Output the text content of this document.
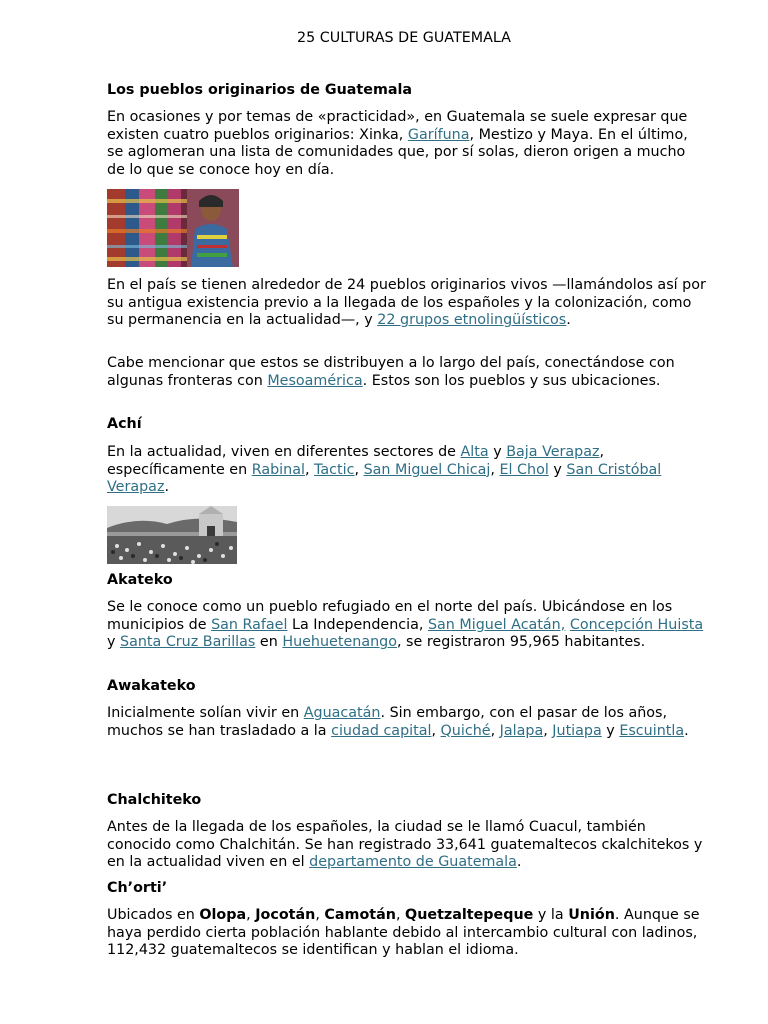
25 CULTURAS DE GUATEMALA
Los pueblos originarios de Guatemala

En ocasiones y por temas de «practicidad», en Guatemala se suele expresar que existen cuatro pueblos originarios: Xinka, Garífuna, Mestizo y Maya. En el último, se aglomeran una lista de comunidades que, por sí solas, dieron origen a mucho de lo que se conoce hoy en día.

En el país se tienen alrededor de 24 pueblos originarios vivos —llamándolos así por su antigua existencia previo a la llegada de los españoles y la colonización, como su permanencia en la actualidad—, y 22 grupos etnolingüísticos.

Cabe mencionar que estos se distribuyen a lo largo del país, conectándose con algunas fronteras con Mesoamérica. Estos son los pueblos y sus ubicaciones.

Achí

En la actualidad, viven en diferentes sectores de Alta y Baja Verapaz, específicamente en Rabinal, Tactic, San Miguel Chicaj, El Chol y San Cristóbal Verapaz.

Akateko

Se le conoce como un pueblo refugiado en el norte del país. Ubicándose en los municipios de San Rafael La Independencia, San Miguel Acatán, Concepción Huista y Santa Cruz Barillas en Huehuetenango, se registraron 95,965 habitantes.

Awakateko

Inicialmente solían vivir en Aguacatán. Sin embargo, con el pasar de los años, muchos se han trasladado a la ciudad capital, Quiché, Jalapa, Jutiapa y Escuintla.

Chalchiteko

Antes de la llegada de los españoles, la ciudad se le llamó Cuacul, también conocido como Chalchitán. Se han registrado 33,641 guatemaltecos ckalchitekos y en la actualidad viven en el departamento de Guatemala.

Ch’orti’

Ubicados en Olopa, Jocotán, Camotán, Quetzaltepeque y la Unión. Aunque se haya perdido cierta población hablante debido al intercambio cultural con ladinos, 112,432 guatemaltecos se identifican y hablan el idioma.
